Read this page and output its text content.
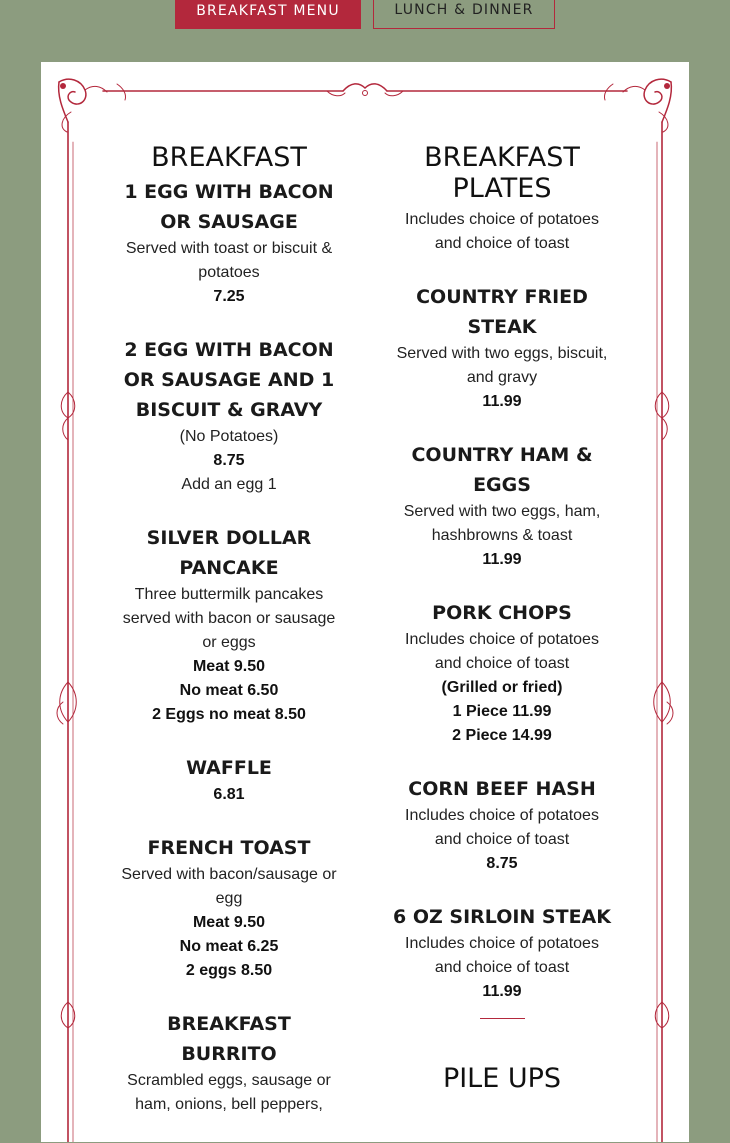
BREAKFAST MENU	LUNCH & DINNER
BREAKFAST
1 EGG WITH BACON OR SAUSAGE
Served with toast or biscuit & potatoes
7.25
2 EGG WITH BACON OR SAUSAGE AND 1 BISCUIT & GRAVY
(No Potatoes)
8.75
Add an egg 1
SILVER DOLLAR PANCAKE
Three buttermilk pancakes served with bacon or sausage or eggs
Meat 9.50
No meat 6.50
2 Eggs no meat 8.50
WAFFLE
6.81
FRENCH TOAST
Served with bacon/sausage or egg
Meat 9.50
No meat 6.25
2 eggs 8.50
BREAKFAST BURRITO
Scrambled eggs, sausage or ham, onions, bell peppers,
BREAKFAST PLATES
Includes choice of potatoes and choice of toast
COUNTRY FRIED STEAK
Served with two eggs, biscuit, and gravy
11.99
COUNTRY HAM & EGGS
Served with two eggs, ham, hashbrowns & toast
11.99
PORK CHOPS
Includes choice of potatoes and choice of toast
(Grilled or fried)
1 Piece 11.99
2 Piece 14.99
CORN BEEF HASH
Includes choice of potatoes and choice of toast
8.75
6 OZ SIRLOIN STEAK
Includes choice of potatoes and choice of toast
11.99
PILE UPS
